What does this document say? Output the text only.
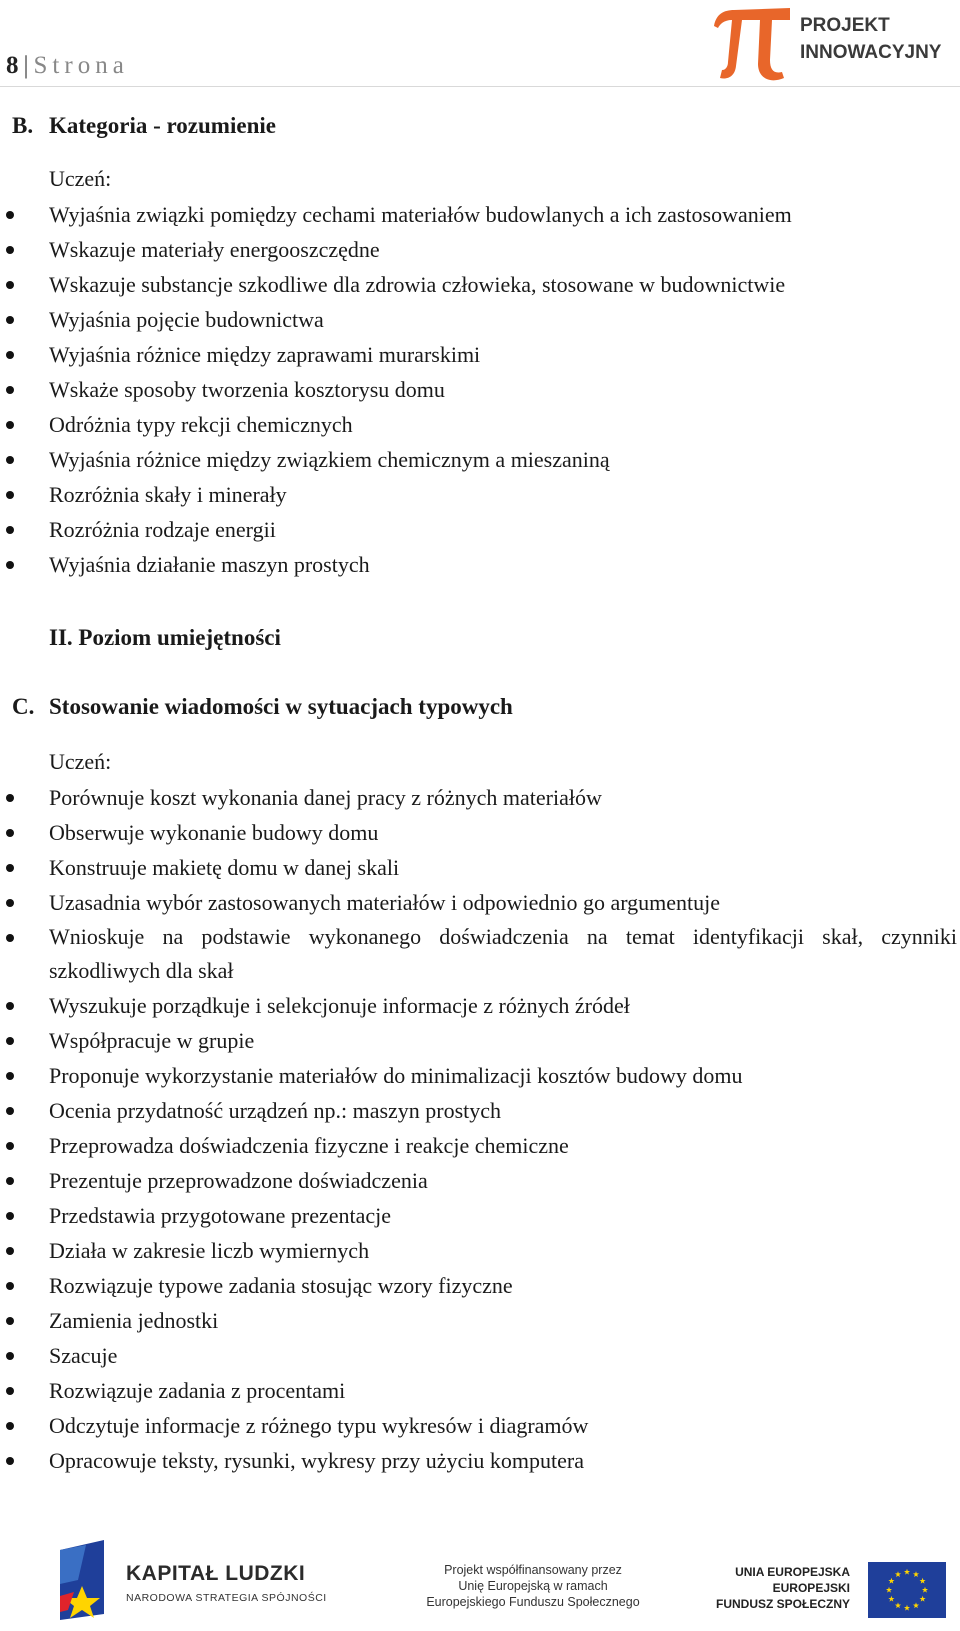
8 | Strona
PROJEKT
INNOWACYJNY
B. Kategoria - rozumienie
Uczeń:
Wyjaśnia związki pomiędzy cechami materiałów budowlanych a ich zastosowaniem
Wskazuje materiały energooszczędne
Wskazuje substancje szkodliwe dla zdrowia człowieka, stosowane w budownictwie
Wyjaśnia pojęcie budownictwa
Wyjaśnia różnice między zaprawami murarskimi
Wskaże sposoby tworzenia kosztorysu domu
Odróżnia typy rekcji chemicznych
Wyjaśnia różnice między związkiem chemicznym a mieszaniną
Rozróżnia skały i minerały
Rozróżnia rodzaje energii
Wyjaśnia działanie maszyn prostych
II. Poziom umiejętności
C. Stosowanie wiadomości w sytuacjach typowych
Uczeń:
Porównuje koszt wykonania danej pracy z różnych materiałów
Obserwuje wykonanie budowy domu
Konstruuje makietę domu w danej skali
Uzasadnia wybór zastosowanych materiałów i odpowiednio go argumentuje
Wnioskuje na podstawie wykonanego doświadczenia na temat identyfikacji skał, czynniki szkodliwych dla skał
Wyszukuje porządkuje i selekcjonuje informacje z różnych źródeł
Współpracuje w grupie
Proponuje wykorzystanie materiałów do minimalizacji kosztów budowy domu
Ocenia przydatność urządzeń np.: maszyn prostych
Przeprowadza doświadczenia fizyczne i reakcje chemiczne
Prezentuje przeprowadzone doświadczenia
Przedstawia przygotowane prezentacje
Działa w zakresie liczb wymiernych
Rozwiązuje typowe zadania stosując wzory fizyczne
Zamienia jednostki
Szacuje
Rozwiązuje zadania z procentami
Odczytuje informacje z różnego typu wykresów i diagramów
Opracowuje teksty, rysunki, wykresy przy użyciu komputera
KAPITAŁ LUDZKI
NARODOWA STRATEGIA SPÓJNOŚCI
Projekt współfinansowany przez
Unię Europejską w ramach
Europejskiego Funduszu Społecznego
UNIA EUROPEJSKA
EUROPEJSKI
FUNDUSZ SPOŁECZNY
